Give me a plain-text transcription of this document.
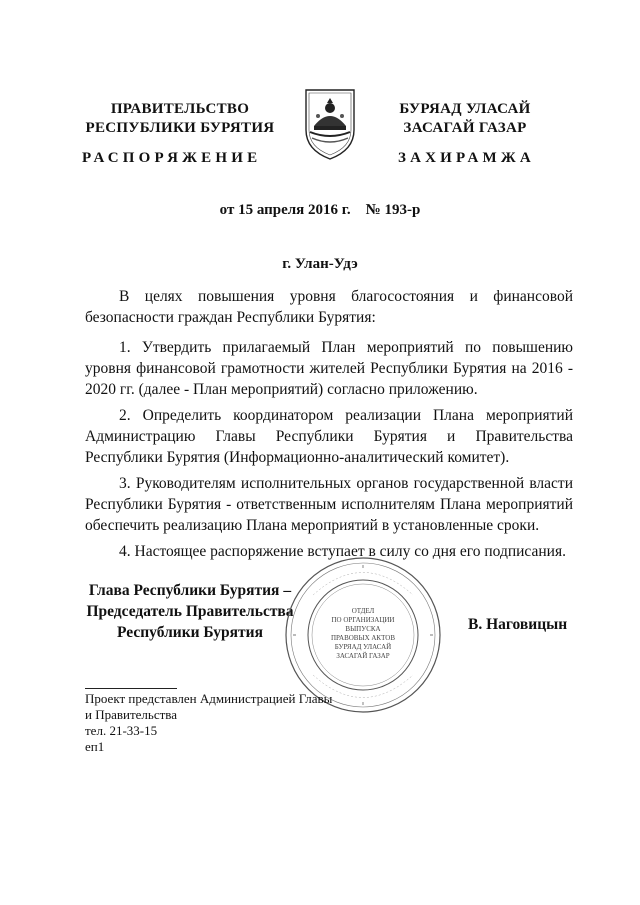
ПРАВИТЕЛЬСТВО
РЕСПУБЛИКИ БУРЯТИЯ
БУРЯАД УЛАСАЙ
ЗАСАГАЙ ГАЗАР
РАСПОРЯЖЕНИЕ	ЗАХИРАМЖА
от 15 апреля 2016 г.    № 193-р
г. Улан-Удэ
В целях повышения уровня благосостояния и финансовой безопасности граждан Республики Бурятия:
1. Утвердить прилагаемый План мероприятий по повышению уровня финансовой грамотности жителей Республики Бурятия на 2016 - 2020 гг. (далее - План мероприятий) согласно приложению.
2. Определить координатором реализации Плана мероприятий Администрацию Главы Республики Бурятия и Правительства Республики Бурятия (Информационно-аналитический комитет).
3. Руководителям исполнительных органов государственной власти Республики Бурятия - ответственным исполнителям Плана мероприятий обеспечить реализацию Плана мероприятий в установленные сроки.
4. Настоящее распоряжение вступает в силу со дня его подписания.
Глава Республики Бурятия –
Председатель Правительства
Республики Бурятия
ОТДЕЛ
ПО ОРГАНИЗАЦИИ
ВЫПУСКА
ПРАВОВЫХ АКТОВ
БУРЯАД УЛАСАЙ
ЗАСАГАЙ ГАЗАР
В. Наговицын
Проект представлен Администрацией Главы
и Правительства
тел. 21-33-15
еп1
